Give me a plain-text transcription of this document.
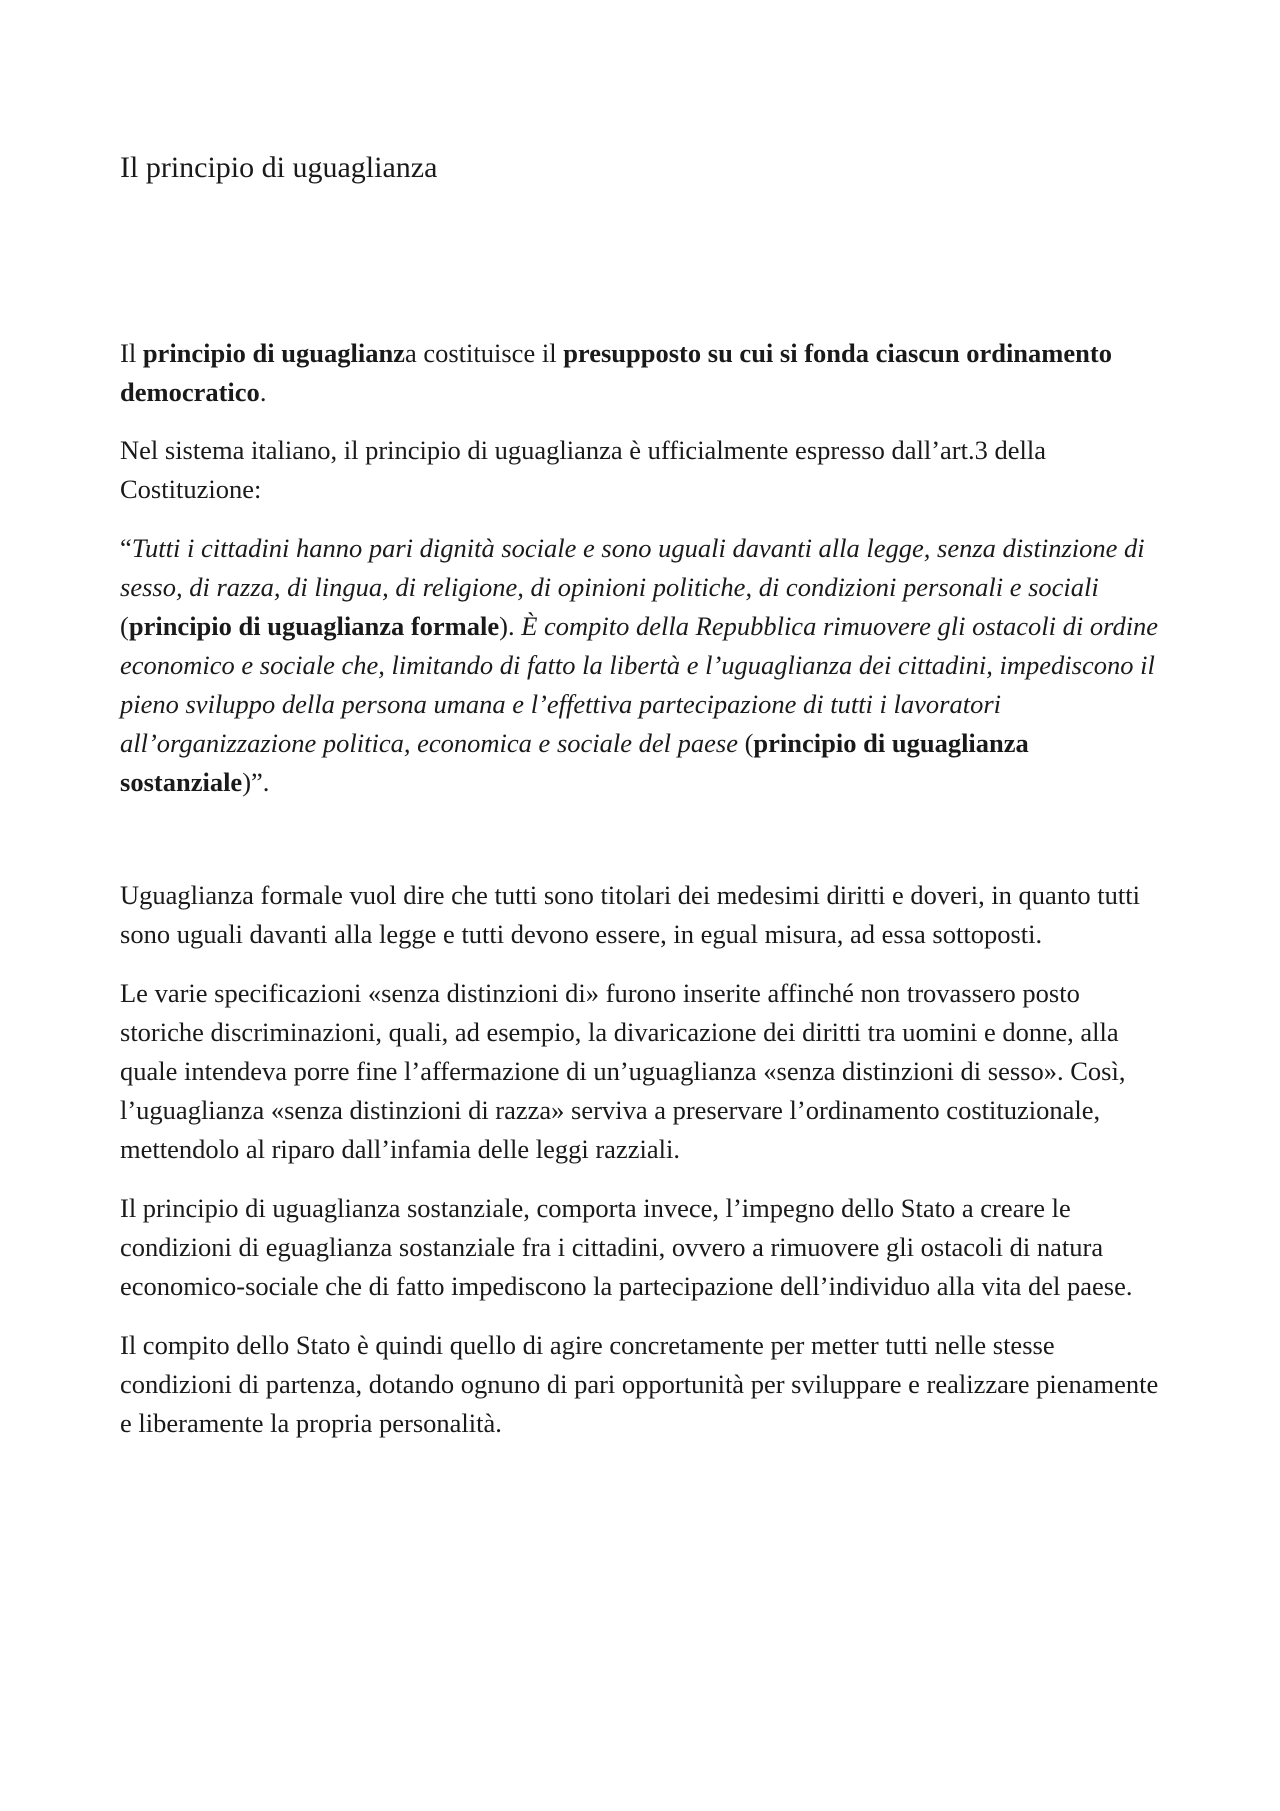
Il principio di uguaglianza

Il principio di uguaglianza costituisce il presupposto su cui si fonda ciascun ordinamento democratico.

Nel sistema italiano, il principio di uguaglianza è ufficialmente espresso dall’art.3 della Costituzione:

“Tutti i cittadini hanno pari dignità sociale e sono uguali davanti alla legge, senza distinzione di sesso, di razza, di lingua, di religione, di opinioni politiche, di condizioni personali e sociali (principio di uguaglianza formale). È compito della Repubblica rimuovere gli ostacoli di ordine economico e sociale che, limitando di fatto la libertà e l’uguaglianza dei cittadini, impediscono il pieno sviluppo della persona umana e l’effettiva partecipazione di tutti i lavoratori all’organizzazione politica, economica e sociale del paese (principio di uguaglianza sostanziale)”.

Uguaglianza formale vuol dire che tutti sono titolari dei medesimi diritti e doveri, in quanto tutti sono uguali davanti alla legge e tutti devono essere, in egual misura, ad essa sottoposti.

Le varie specificazioni «senza distinzioni di» furono inserite affinché non trovassero posto storiche discriminazioni, quali, ad esempio, la divaricazione dei diritti tra uomini e donne, alla quale intendeva porre fine l’affermazione di un’uguaglianza «senza distinzioni di sesso». Così, l’uguaglianza «senza distinzioni di razza» serviva a preservare l’ordinamento costituzionale, mettendolo al riparo dall’infamia delle leggi razziali.

Il principio di uguaglianza sostanziale, comporta invece, l’impegno dello Stato a creare le condizioni di eguaglianza sostanziale fra i cittadini, ovvero a rimuovere gli ostacoli di natura economico-sociale che di fatto impediscono la partecipazione dell’individuo alla vita del paese.

Il compito dello Stato è quindi quello di agire concretamente per metter tutti nelle stesse condizioni di partenza, dotando ognuno di pari opportunità per sviluppare e realizzare pienamente e liberamente la propria personalità.
